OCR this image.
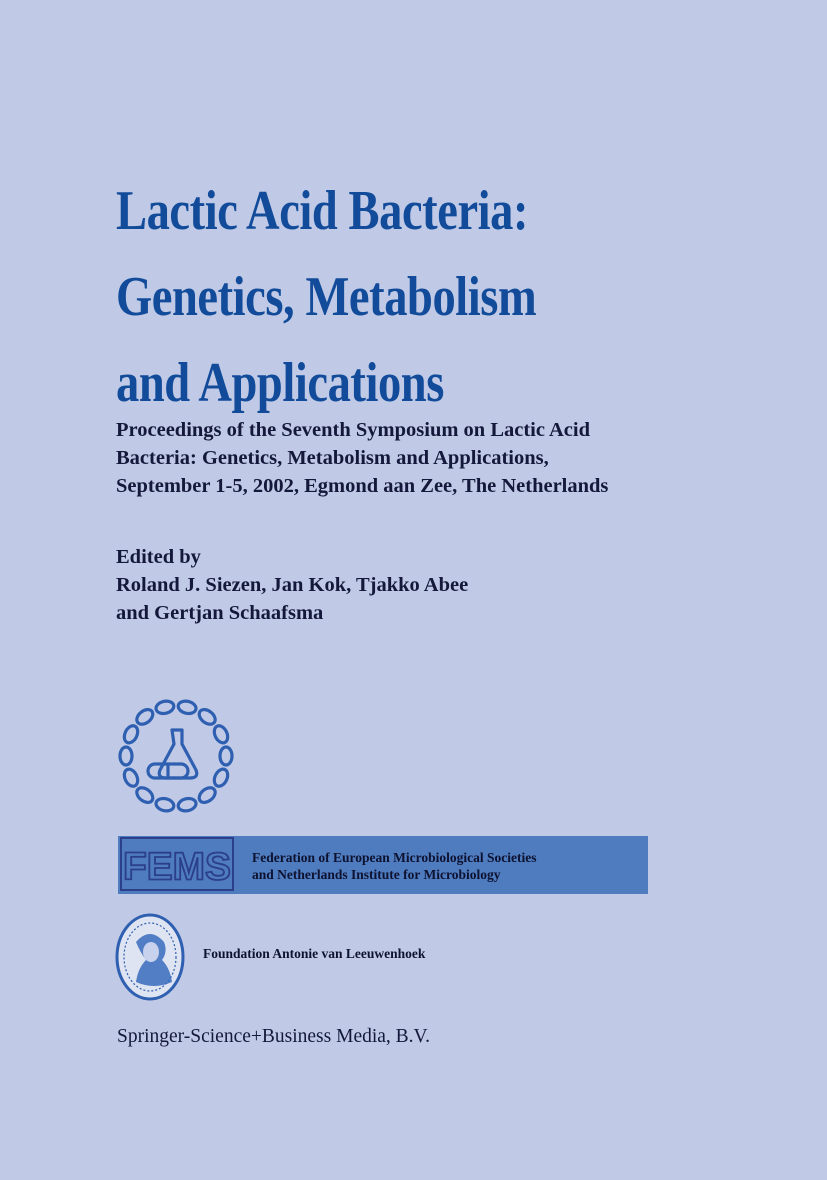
Lactic Acid Bacteria:
Genetics, Metabolism
and Applications

Proceedings of the Seventh Symposium on Lactic Acid
Bacteria: Genetics, Metabolism and Applications,
September 1-5, 2002, Egmond aan Zee, The Netherlands

Edited by
Roland J. Siezen, Jan Kok, Tjakko Abee
and Gertjan Schaafsma
FEMS Federation of European Microbiological Societies
and Netherlands Institute for Microbiology
Foundation Antonie van Leeuwenhoek
Springer-Science+Business Media, B.V.
